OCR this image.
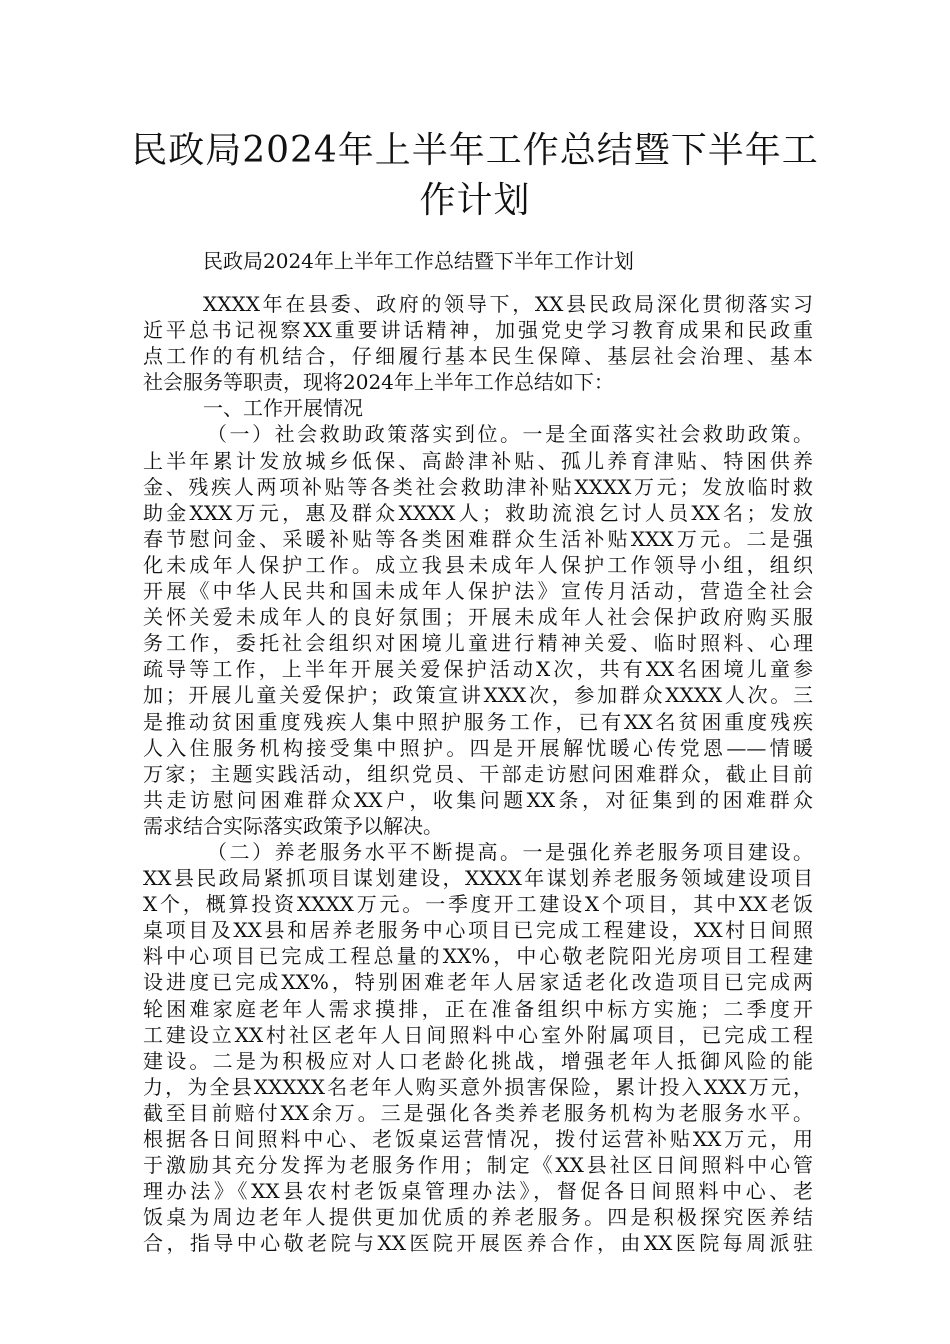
民政局2024年上半年工作总结暨下半年工
作计划
民政局2024年上半年工作总结暨下半年工作计划
XXXX年在县委、政府的领导下，XX县民政局深化贯彻落实习
近平总书记视察XX重要讲话精神，加强党史学习教育成果和民政重
点工作的有机结合，仔细履行基本民生保障、基层社会治理、基本
社会服务等职责，现将2024年上半年工作总结如下：
一、工作开展情况
（一）社会救助政策落实到位。一是全面落实社会救助政策。
上半年累计发放城乡低保、高龄津补贴、孤儿养育津贴、特困供养
金、残疾人两项补贴等各类社会救助津补贴XXXX万元；发放临时救
助金XXX万元，惠及群众XXXX人；救助流浪乞讨人员XX名；发放
春节慰问金、采暖补贴等各类困难群众生活补贴XXX万元。二是强
化未成年人保护工作。成立我县未成年人保护工作领导小组，组织
开展《中华人民共和国未成年人保护法》宣传月活动，营造全社会
关怀关爱未成年人的良好氛围；开展未成年人社会保护政府购买服
务工作，委托社会组织对困境儿童进行精神关爱、临时照料、心理
疏导等工作，上半年开展关爱保护活动X次，共有XX名困境儿童参
加；开展儿童关爱保护；政策宣讲XXX次，参加群众XXXX人次。三
是推动贫困重度残疾人集中照护服务工作，已有XX名贫困重度残疾
人入住服务机构接受集中照护。四是开展解忧暖心传党恩——情暖
万家；主题实践活动，组织党员、干部走访慰问困难群众，截止目前
共走访慰问困难群众XX户，收集问题XX条，对征集到的困难群众
需求结合实际落实政策予以解决。
（二）养老服务水平不断提高。一是强化养老服务项目建设。
XX县民政局紧抓项目谋划建设，XXXX年谋划养老服务领域建设项目
X个，概算投资XXXX万元。一季度开工建设X个项目，其中XX老饭
桌项目及XX县和居养老服务中心项目已完成工程建设，XX村日间照
料中心项目已完成工程总量的XX%，中心敬老院阳光房项目工程建
设进度已完成XX%，特别困难老年人居家适老化改造项目已完成两
轮困难家庭老年人需求摸排，正在准备组织中标方实施；二季度开
工建设立XX村社区老年人日间照料中心室外附属项目，已完成工程
建设。二是为积极应对人口老龄化挑战，增强老年人抵御风险的能
力，为全县XXXXX名老年人购买意外损害保险，累计投入XXX万元，
截至目前赔付XX余万。三是强化各类养老服务机构为老服务水平。
根据各日间照料中心、老饭桌运营情况，拨付运营补贴XX万元，用
于激励其充分发挥为老服务作用；制定《XX县社区日间照料中心管
理办法》《XX县农村老饭桌管理办法》，督促各日间照料中心、老
饭桌为周边老年人提供更加优质的养老服务。四是积极探究医养结
合，指导中心敬老院与XX医院开展医养合作，由XX医院每周派驻
